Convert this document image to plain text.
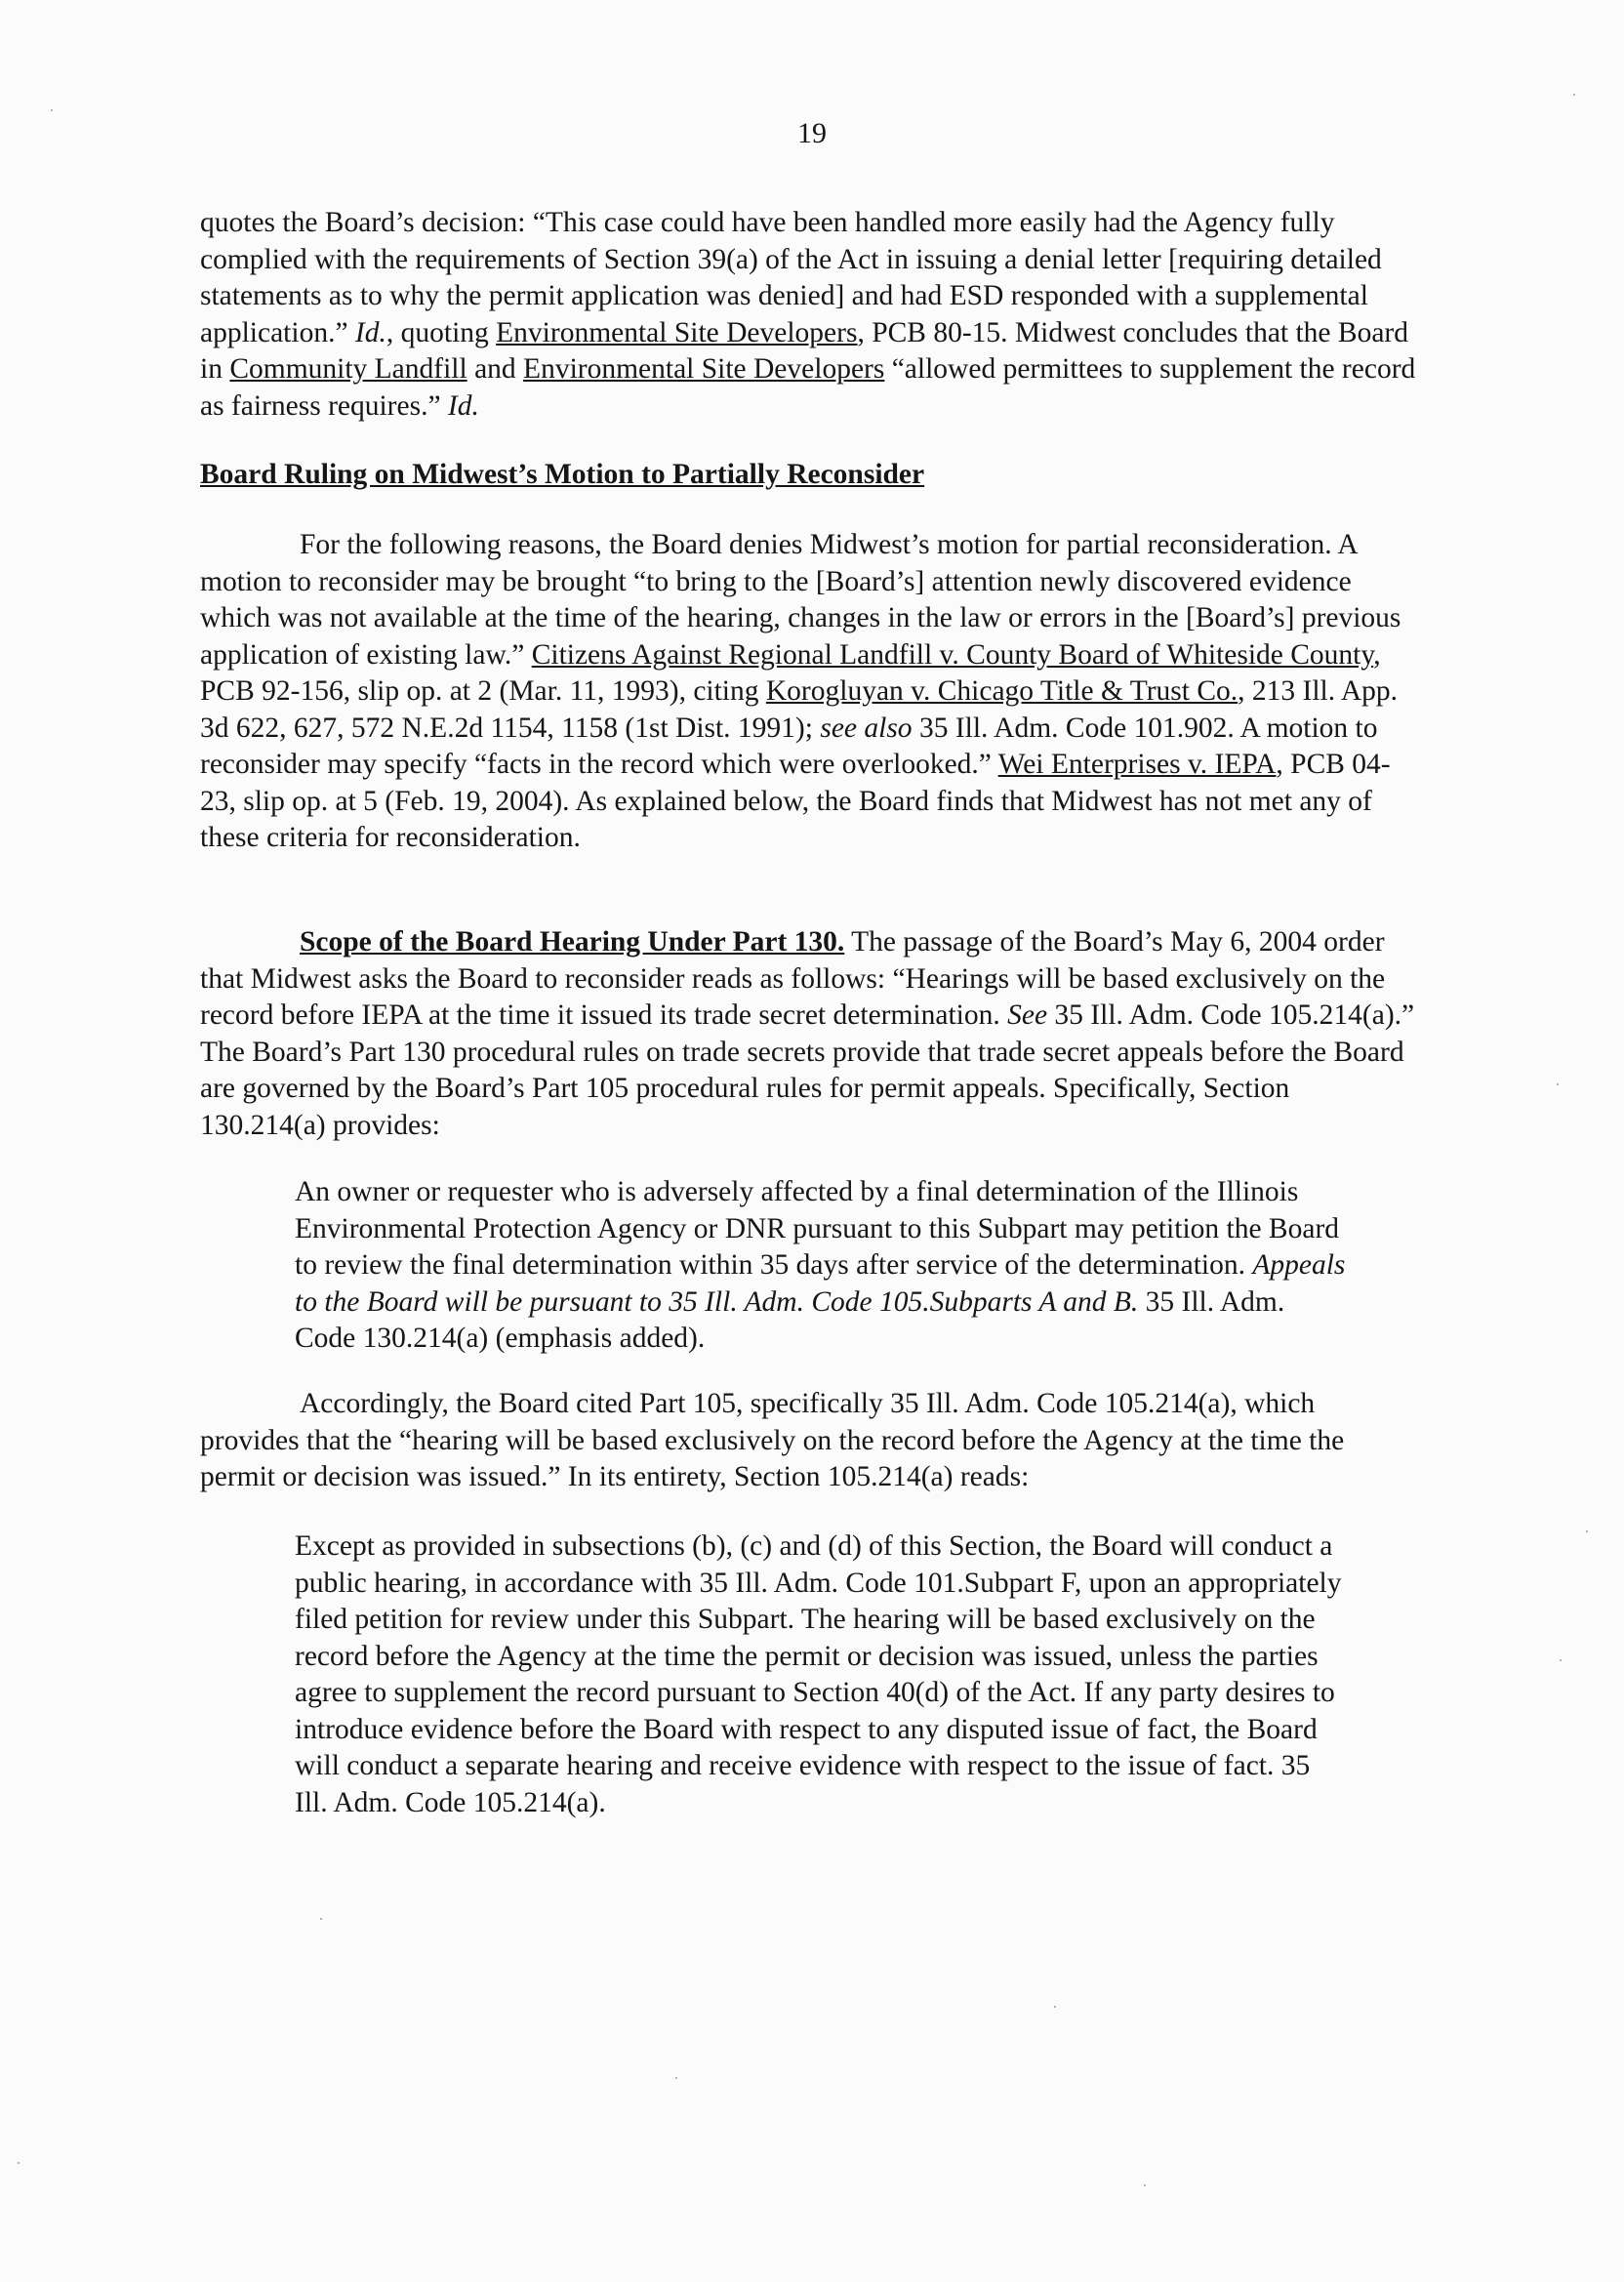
19

quotes the Board’s decision: “This case could have been handled more easily had the Agency fully complied with the requirements of Section 39(a) of the Act in issuing a denial letter [requiring detailed statements as to why the permit application was denied] and had ESD responded with a supplemental application.” Id., quoting Environmental Site Developers, PCB 80-15. Midwest concludes that the Board in Community Landfill and Environmental Site Developers “allowed permittees to supplement the record as fairness requires.” Id.

Board Ruling on Midwest’s Motion to Partially Reconsider

For the following reasons, the Board denies Midwest’s motion for partial reconsideration. A motion to reconsider may be brought “to bring to the [Board’s] attention newly discovered evidence which was not available at the time of the hearing, changes in the law or errors in the [Board’s] previous application of existing law.” Citizens Against Regional Landfill v. County Board of Whiteside County, PCB 92-156, slip op. at 2 (Mar. 11, 1993), citing Korogluyan v. Chicago Title & Trust Co., 213 Ill. App. 3d 622, 627, 572 N.E.2d 1154, 1158 (1st Dist. 1991); see also 35 Ill. Adm. Code 101.902. A motion to reconsider may specify “facts in the record which were overlooked.” Wei Enterprises v. IEPA, PCB 04-23, slip op. at 5 (Feb. 19, 2004). As explained below, the Board finds that Midwest has not met any of these criteria for reconsideration.

Scope of the Board Hearing Under Part 130. The passage of the Board’s May 6, 2004 order that Midwest asks the Board to reconsider reads as follows: “Hearings will be based exclusively on the record before IEPA at the time it issued its trade secret determination. See 35 Ill. Adm. Code 105.214(a).” The Board’s Part 130 procedural rules on trade secrets provide that trade secret appeals before the Board are governed by the Board’s Part 105 procedural rules for permit appeals. Specifically, Section 130.214(a) provides:

An owner or requester who is adversely affected by a final determination of the Illinois Environmental Protection Agency or DNR pursuant to this Subpart may petition the Board to review the final determination within 35 days after service of the determination. Appeals to the Board will be pursuant to 35 Ill. Adm. Code 105.Subparts A and B. 35 Ill. Adm. Code 130.214(a) (emphasis added).

Accordingly, the Board cited Part 105, specifically 35 Ill. Adm. Code 105.214(a), which provides that the “hearing will be based exclusively on the record before the Agency at the time the permit or decision was issued.” In its entirety, Section 105.214(a) reads:

Except as provided in subsections (b), (c) and (d) of this Section, the Board will conduct a public hearing, in accordance with 35 Ill. Adm. Code 101.Subpart F, upon an appropriately filed petition for review under this Subpart. The hearing will be based exclusively on the record before the Agency at the time the permit or decision was issued, unless the parties agree to supplement the record pursuant to Section 40(d) of the Act. If any party desires to introduce evidence before the Board with respect to any disputed issue of fact, the Board will conduct a separate hearing and receive evidence with respect to the issue of fact. 35 Ill. Adm. Code 105.214(a).
